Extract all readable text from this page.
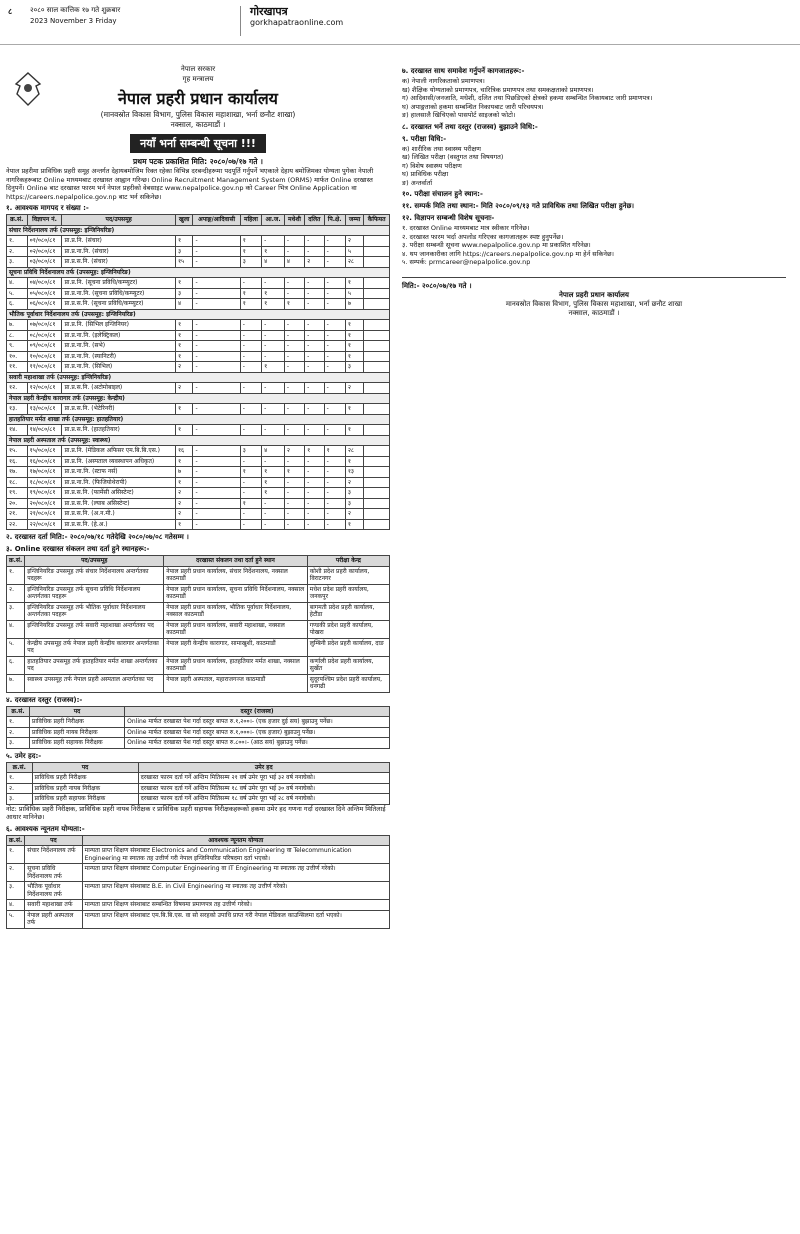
८	२०८० साल कात्तिक १७ गते शुक्रबार
2023 November 3 Friday
गोरखापत्र
gorkhapatraonline.com
नेपाल सरकार
गृह मन्त्रालय
नेपाल प्रहरी प्रधान कार्यालय
(मानवस्रोत विकास विभाग, पुलिस विकास महाशाखा, भर्ना छनौट शाखा)
नक्साल, काठमाडौं ।
नयाँ भर्ना सम्बन्धी सूचना !!!
प्रथम पटक प्रकाशित मिति: २०८०/०७/१७ गते ।
नेपाल प्रहरीमा प्राविधिक प्रहरी समूह अन्तर्गत देहायबमोजिम रिक्त रहेका विभिन्न दरबन्दीहरूमा पदपूर्ति गर्नुपर्ने भएकाले देहाय बमोजिमका योग्यता पुगेका नेपाली नागरिकहरूबाट Online माध्यमबाट दरखास्त आह्वान गरिन्छ। Online Recruitment Management System (ORMS) मार्फत Online दरखास्त दिनुपर्ने। Online बाट दरखास्त फारम भर्न नेपाल प्रहरीको वेबसाइट www.nepalpolice.gov.np को Career भित्र Online Application वा https://careers.nepalpolice.gov.np बाट भर्न सकिनेछ।
१. आवश्यक मागपद र संख्या :-
क्र.सं.	विज्ञापन नं.	पद/उपसमूह	खुला	अपाङ्ग/आदिवासी	महिला	आ.ज.	मधेशी	दलित	पि.क्षे.	जम्मा	कैफियत
संचार निर्देशनालय तर्फ (उपसमूह: इन्जिनियरिङ)											
१.	०१/०८०/८१	प्रा.प्र.नि. (संचार)	१	-	१	-	-	-	-	२	
२.	०२/०८०/८१	प्रा.प्र.ना.नि. (संचार)	३	-	१	१	-	-	-	५	
३.	०३/०८०/८१	प्रा.प्र.स.नि. (संचार)	१५	-	३	४	४	२	-	२८	
सूचना प्रविधि निर्देशनालय तर्फ (उपसमूह: इन्जिनियरिङ)											
४.	०४/०८०/८१	प्रा.प्र.नि. (सूचना प्रविधि/कम्प्युटर)	१	-	-	-	-	-	-	१	
५.	०५/०८०/८१	प्रा.प्र.ना.नि. (सूचना प्रविधि/कम्प्युटर)	३	-	१	१	-	-	-	५	
६.	०६/०८०/८१	प्रा.प्र.स.नि. (सूचना प्रविधि/कम्प्युटर)	४	-	१	१	१	-	-	७	
भौतिक पूर्वाधार निर्देशनालय तर्फ (उपसमूह: इन्जिनियरिङ)											
७.	०७/०८०/८१	प्रा.प्र.नि. (सिभिल इन्जिनियर)	१	-	-	-	-	-	-	१	
८.	०८/०८०/८१	प्रा.प्र.ना.नि. (इलेक्ट्रिकल)	१	-	-	-	-	-	-	१	
९.	०९/०८०/८१	प्रा.प्र.ना.नि. (सभे)	१	-	-	-	-	-	-	१	
१०.	१०/०८०/८१	प्रा.प्र.ना.नि. (स्यानिटरी)	१	-	-	-	-	-	-	१	
११.	११/०८०/८१	प्रा.प्र.ना.नि. (सिभिल)	२	-	-	१	-	-	-	३	
सवारी महाशाखा तर्फ (उपसमूह: इन्जिनियरिङ)											
१२.	१२/०८०/८१	प्रा.प्र.स.नि. (अटोमोबाइल)	२	-	-	-	-	-	-	२	
नेपाल प्रहरी केन्द्रीय कारागार तर्फ (उपसमूह: केन्द्रीय)											
१३.	१३/०८०/८१	प्रा.प्र.स.नि. (भेटेरिनरी)	१	-	-	-	-	-	-	१	
हातहतियार मर्मत शाखा तर्फ (उपसमूह: हातहतियार)											
१४.	१४/०८०/८१	प्रा.प्र.स.नि. (हातहतियार)	१	-	-	-	-	-	-	१	
नेपाल प्रहरी अस्पताल तर्फ (उपसमूह: स्वास्थ्य)											
१५.	१५/०८०/८१	प्रा.प्र.नि. (मेडिकल अफिसर एम.बि.बि.एस.)	१६	-	३	४	२	१	१	२८	
१६.	१६/०८०/८१	प्रा.प्र.नि. (अस्पताल व्यवस्थापन अधिकृत)	१	-	-	-	-	-	-	१	
१७.	१७/०८०/८१	प्रा.प्र.ना.नि. (स्टाफ नर्स)	७	-	१	१	१	-	-	१३	
१८.	१८/०८०/८१	प्रा.प्र.ना.नि. (फिजियोथेरापी)	१	-	-	१	-	-	-	२	
१९.	१९/०८०/८१	प्रा.प्र.स.नि. (फार्मेसी असिस्टेन्ट)	२	-	-	१	-	-	-	३	
२०.	२०/०८०/८१	प्रा.प्र.स.नि. (ल्याब असिस्टेन्ट)	२	-	१	-	-	-	-	३	
२१.	२१/०८०/८१	प्रा.प्र.स.नि. (अ.न.मी.)	२	-	-	-	-	-	-	२	
२२.	२२/०८०/८१	प्रा.प्र.स.नि. (हे.अ.)	१	-	-	-	-	-	-	१	
२. दरखास्त दर्ता मिति:- २०८०/०७/१८ गतेदेखि २०८०/०७/०८ गतेसम्म ।
३. Online दरखास्त संकलन तथा दर्ता हुने स्थानहरू:-
क्र.सं.	पद/उपसमूह	दरखास्त संकलन तथा दर्ता हुने स्थान	परीक्षा केन्द्र
१.	इन्जिनियरिङ उपसमूह तर्फ संचार निर्देशनालय अन्तर्गतका पदहरू	नेपाल प्रहरी प्रधान कार्यालय, संचार निर्देशनालय, नक्साल काठमाडौं	कोशी प्रदेश प्रहरी कार्यालय, विराटनगर
२.	इन्जिनियरिङ उपसमूह तर्फ सूचना प्रविधि निर्देशनालय अन्तर्गतका पदहरू	नेपाल प्रहरी प्रधान कार्यालय, सूचना प्रविधि निर्देशनालय, नक्साल काठमाडौं	मधेश प्रदेश प्रहरी कार्यालय, जनकपुर
३.	इन्जिनियरिङ उपसमूह तर्फ भौतिक पूर्वाधार निर्देशनालय अन्तर्गतका पदहरू	नेपाल प्रहरी प्रधान कार्यालय, भौतिक पूर्वाधार निर्देशनालय, नक्साल काठमाडौं	बागमती प्रदेश प्रहरी कार्यालय, हेटौंडा
४.	इन्जिनियरिङ उपसमूह तर्फ सवारी महाशाखा अन्तर्गतका पद	नेपाल प्रहरी प्रधान कार्यालय, सवारी महाशाखा, नक्साल काठमाडौं	गण्डकी प्रदेश प्रहरी कार्यालय, पोखरा
५.	केन्द्रीय उपसमूह तर्फ नेपाल प्रहरी केन्द्रीय कारागार अन्तर्गतका पद	नेपाल प्रहरी केन्द्रीय कारागार, सामाखुशी, काठमाडौं	लुम्बिनी प्रदेश प्रहरी कार्यालय, दाङ
६.	हातहतियार उपसमूह तर्फ हातहतियार मर्मत शाखा अन्तर्गतका पद	नेपाल प्रहरी प्रधान कार्यालय, हातहतियार मर्मत शाखा, नक्साल काठमाडौं	कर्णाली प्रदेश प्रहरी कार्यालय, सुर्खेत
७.	स्वास्थ्य उपसमूह तर्फ नेपाल प्रहरी अस्पताल अन्तर्गतका पद	नेपाल प्रहरी अस्पताल, महाराजगञ्ज काठमाडौं	सुदूरपश्चिम प्रदेश प्रहरी कार्यालय, धनगढी
४. दरखास्त दस्तुर (राजस्व):-
क्र.सं.	पद	दस्तुर (राजस्व)
१.	प्राविधिक प्रहरी निरीक्षक	Online मार्फत दरखास्त पेश गर्दा दस्तुर बापत रु.१,२००।- (एक हजार दुई सय) बुझाउनु पर्नेछ।
२.	प्राविधिक प्रहरी नायब निरीक्षक	Online मार्फत दरखास्त पेश गर्दा दस्तुर बापत रु.१,०००।- (एक हजार) बुझाउनु पर्नेछ।
३.	प्राविधिक प्रहरी सहायक निरीक्षक	Online मार्फत दरखास्त पेश गर्दा दस्तुर बापत रु.८००।- (आठ सय) बुझाउनु पर्नेछ।
५. उमेर हद:-
क्र.सं.	पद	उमेर हद
१.	प्राविधिक प्रहरी निरीक्षक	दरखास्त फारम दर्ता गर्ने अन्तिम मितिसम्म २१ वर्ष उमेर पूरा भई ३२ वर्ष ननाघेको।
२.	प्राविधिक प्रहरी नायब निरीक्षक	दरखास्त फारम दर्ता गर्ने अन्तिम मितिसम्म १८ वर्ष उमेर पूरा भई ३० वर्ष ननाघेको।
३.	प्राविधिक प्रहरी सहायक निरीक्षक	दरखास्त फारम दर्ता गर्ने अन्तिम मितिसम्म १८ वर्ष उमेर पूरा भई २८ वर्ष ननाघेको।
नोट: प्राविधिक प्रहरी निरीक्षक, प्राविधिक प्रहरी नायब निरीक्षक र प्राविधिक प्रहरी सहायक निरीक्षकहरूको हकमा उमेर हद गणना गर्दा दरखास्त दिने अन्तिम मितिलाई आधार मानिनेछ।
६. आवश्यक न्यूनतम योग्यता:-
क्र.सं.	पद	आवश्यक न्यूनतम योग्यता
१.	संचार निर्देशनालय तर्फ	मान्यता प्राप्त शिक्षण संस्थाबाट Electronics and Communication Engineering वा Telecommunication Engineering मा स्नातक तह उत्तीर्ण गरी नेपाल इन्जिनियरिङ परिषदमा दर्ता भएको।
२.	सूचना प्रविधि निर्देशनालय तर्फ	मान्यता प्राप्त शिक्षण संस्थाबाट Computer Engineering वा IT Engineering मा स्नातक तह उत्तीर्ण गरेको।
३.	भौतिक पूर्वाधार निर्देशनालय तर्फ	मान्यता प्राप्त शिक्षण संस्थाबाट B.E. in Civil Engineering मा स्नातक तह उत्तीर्ण गरेको।
४.	सवारी महाशाखा तर्फ	मान्यता प्राप्त शिक्षण संस्थाबाट सम्बन्धित विषयमा प्रमाणपत्र तह उत्तीर्ण गरेको।
५.	नेपाल प्रहरी अस्पताल तर्फ	मान्यता प्राप्त शिक्षण संस्थाबाट एम.बि.बि.एस. वा सो सरहको उपाधि प्राप्त गरी नेपाल मेडिकल काउन्सिलमा दर्ता भएको।
७. दरखास्त साथ समावेश गर्नुपर्ने कागजातहरू:-
क) नेपाली नागरिकताको प्रमाणपत्र।
ख) शैक्षिक योग्यताको प्रमाणपत्र, चारित्रिक प्रमाणपत्र तथा समकक्षताको प्रमाणपत्र।
ग) आदिवासी/जनजाति, मधेशी, दलित तथा पिछडिएको क्षेत्रको हकमा सम्बन्धित निकायबाट जारी प्रमाणपत्र।
घ) अपाङ्गताको हकमा सम्बन्धित निकायबाट जारी परिचयपत्र।
ङ) हालसालै खिचिएको पासपोर्ट साइजको फोटो।
८. दरखास्त भर्ने तथा दस्तुर (राजस्व) बुझाउने विधि:-
९. परीक्षा विधि:-
क) शारीरिक तथा स्वास्थ्य परीक्षण
ख) लिखित परीक्षा (वस्तुगत तथा विषयगत)
ग) विशेष स्वास्थ्य परीक्षण
घ) प्राविधिक परीक्षा
ङ) अन्तर्वार्ता
१०. परीक्षा संचालन हुने स्थान:-
११. सम्पर्क मिति तथा स्थान:- मिति २०८०/०९/१३ गते प्राविधिक तथा लिखित परीक्षा हुनेछ।
१२. विज्ञापन सम्बन्धी विशेष सूचनाः-
१. दरखास्त Online माध्यमबाट मात्र स्वीकार गरिनेछ।
२. दरखास्त फारम भर्दा अपलोड गरिएका कागजातहरू स्पष्ट हुनुपर्नेछ।
३. परीक्षा सम्बन्धी सूचना www.nepalpolice.gov.np मा प्रकाशित गरिनेछ।
४. थप जानकारीका लागि https://careers.nepalpolice.gov.np मा हेर्न सकिनेछ।
५. सम्पर्क: prmcareer@nepalpolice.gov.np
मिति:- २०८०/०७/१७ गते ।
नेपाल प्रहरी प्रधान कार्यालय
मानवस्रोत विकास विभाग, पुलिस विकास महाशाखा, भर्ना छनौट शाखा
नक्साल, काठमाडौं ।
